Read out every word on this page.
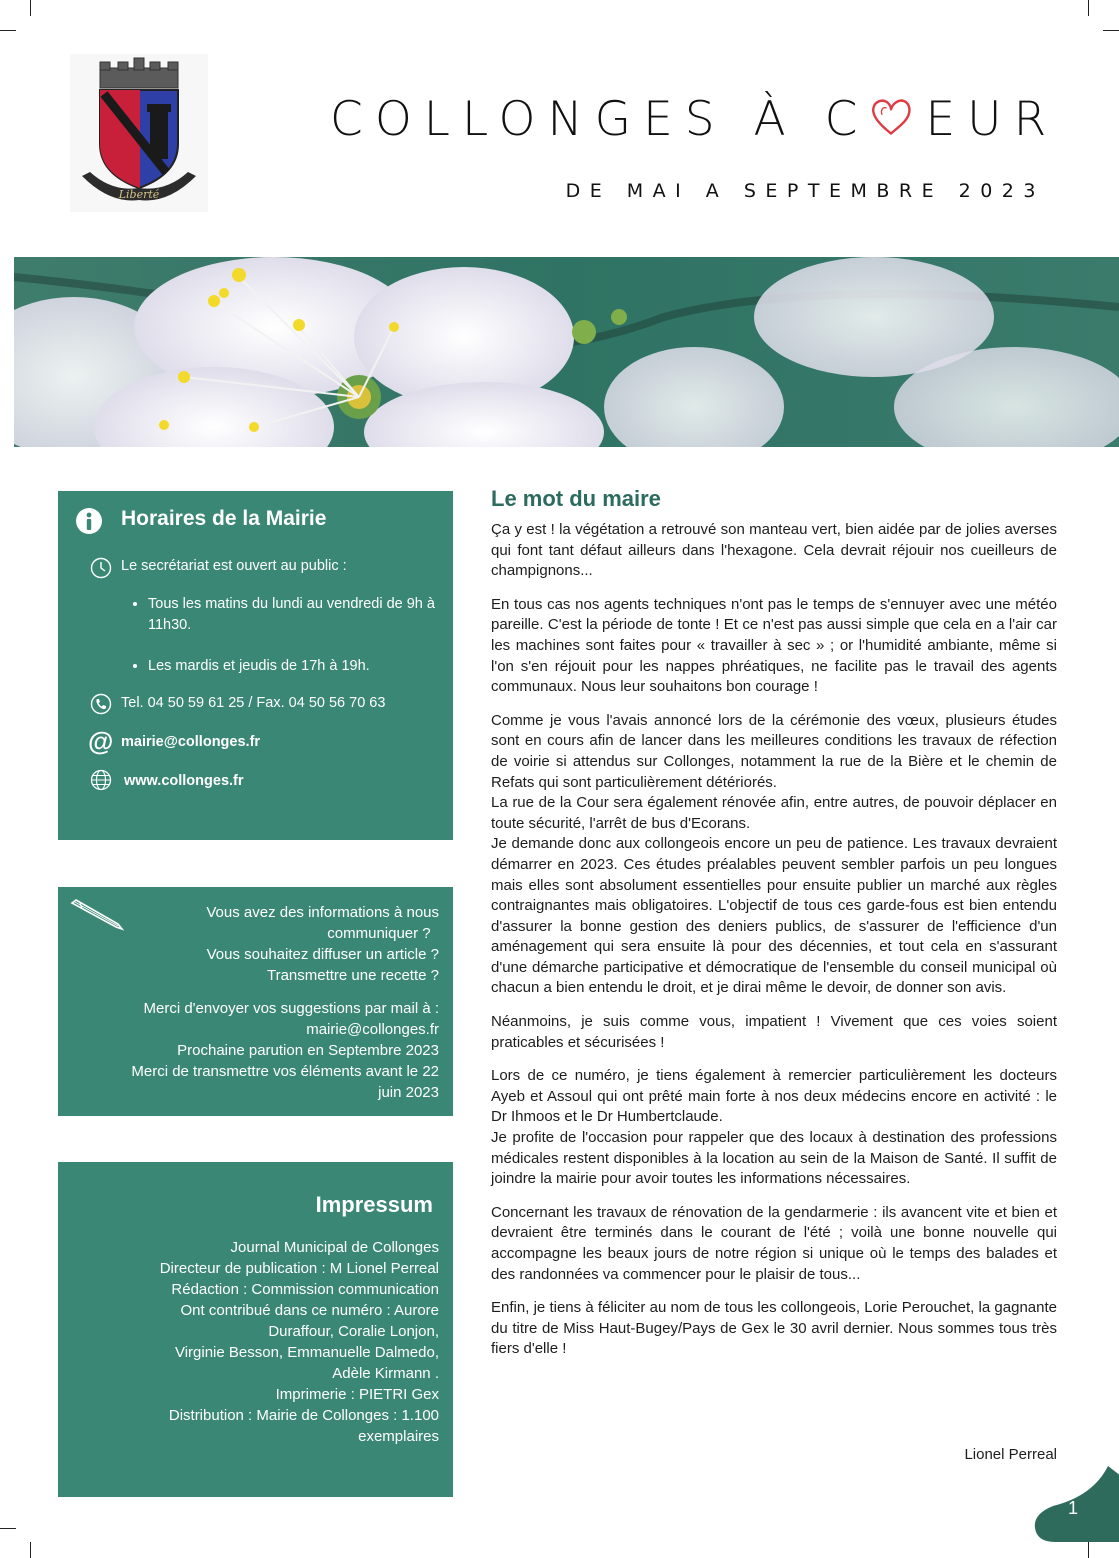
Liberté
COLLONGES À C EUR

DE MAI A SEPTEMBRE 2023

Horaires de la Mairie
Le secrétariat est ouvert au public :
• Tous les matins du lundi au vendredi de 9h à 11h30.
• Les mardis et jeudis de 17h à 19h.
Tel. 04 50 59 61 25 / Fax. 04 50 56 70 63
@ mairie@collonges.fr
www.collonges.fr

Vous avez des informations à nous
communiquer ?
Vous souhaitez diffuser un article ?
Transmettre une recette ?

Merci d'envoyer vos suggestions par mail à :
mairie@collonges.fr
Prochaine parution en Septembre 2023
Merci de transmettre vos éléments avant le 22
juin 2023

Impressum
Journal Municipal de Collonges
Directeur de publication : M Lionel Perreal
Rédaction : Commission communication
Ont contribué dans ce numéro : Aurore
Duraffour, Coralie Lonjon,
Virginie Besson, Emmanuelle Dalmedo,
Adèle Kirmann .
Imprimerie : PIETRI Gex
Distribution : Mairie de Collonges : 1.100
exemplaires
Le mot du maire

Ça y est ! la végétation a retrouvé son manteau vert, bien aidée par de jolies averses qui font tant défaut ailleurs dans l'hexagone. Cela devrait réjouir nos cueilleurs de champignons...

En tous cas nos agents techniques n'ont pas le temps de s'ennuyer avec une météo pareille. C'est la période de tonte ! Et ce n'est pas aussi simple que cela en a l'air car les machines sont faites pour « travailler à sec » ; or l'humidité ambiante, même si l'on s'en réjouit pour les nappes phréatiques, ne facilite pas le travail des agents communaux. Nous leur souhaitons bon courage !

Comme je vous l'avais annoncé lors de la cérémonie des vœux, plusieurs études sont en cours afin de lancer dans les meilleures conditions les travaux de réfection de voirie si attendus sur Collonges, notamment la rue de la Bière et le chemin de Refats qui sont particulièrement détériorés.

La rue de la Cour sera également rénovée afin, entre autres, de pouvoir déplacer en toute sécurité, l'arrêt de bus d'Ecorans.

Je demande donc aux collongeois encore un peu de patience. Les travaux devraient démarrer en 2023. Ces études préalables peuvent sembler parfois un peu longues mais elles sont absolument essentielles pour ensuite publier un marché aux règles contraignantes mais obligatoires. L'objectif de tous ces garde-fous est bien entendu d'assurer la bonne gestion des deniers publics, de s'assurer de l'efficience d'un aménagement qui sera ensuite là pour des décennies, et tout cela en s'assurant d'une démarche participative et démocratique de l'ensemble du conseil municipal où chacun a bien entendu le droit, et je dirai même le devoir, de donner son avis.

Néanmoins, je suis comme vous, impatient ! Vivement que ces voies soient praticables et sécurisées !

Lors de ce numéro, je tiens également à remercier particulièrement les docteurs Ayeb et Assoul qui ont prêté main forte à nos deux médecins encore en activité : le Dr Ihmoos et le Dr Humbertclaude.

Je profite de l'occasion pour rappeler que des locaux à destination des professions médicales restent disponibles à la location au sein de la Maison de Santé. Il suffit de joindre la mairie pour avoir toutes les informations nécessaires.

Concernant les travaux de rénovation de la gendarmerie : ils avancent vite et bien et devraient être terminés dans le courant de l'été ; voilà une bonne nouvelle qui accompagne les beaux jours de notre région si unique où le temps des balades et des randonnées va commencer pour le plaisir de tous...

Enfin, je tiens à féliciter au nom de tous les collongeois, Lorie Perouchet, la gagnante du titre de Miss Haut-Bugey/Pays de Gex le 30 avril dernier. Nous sommes tous très fiers d'elle !

Lionel Perreal
1
